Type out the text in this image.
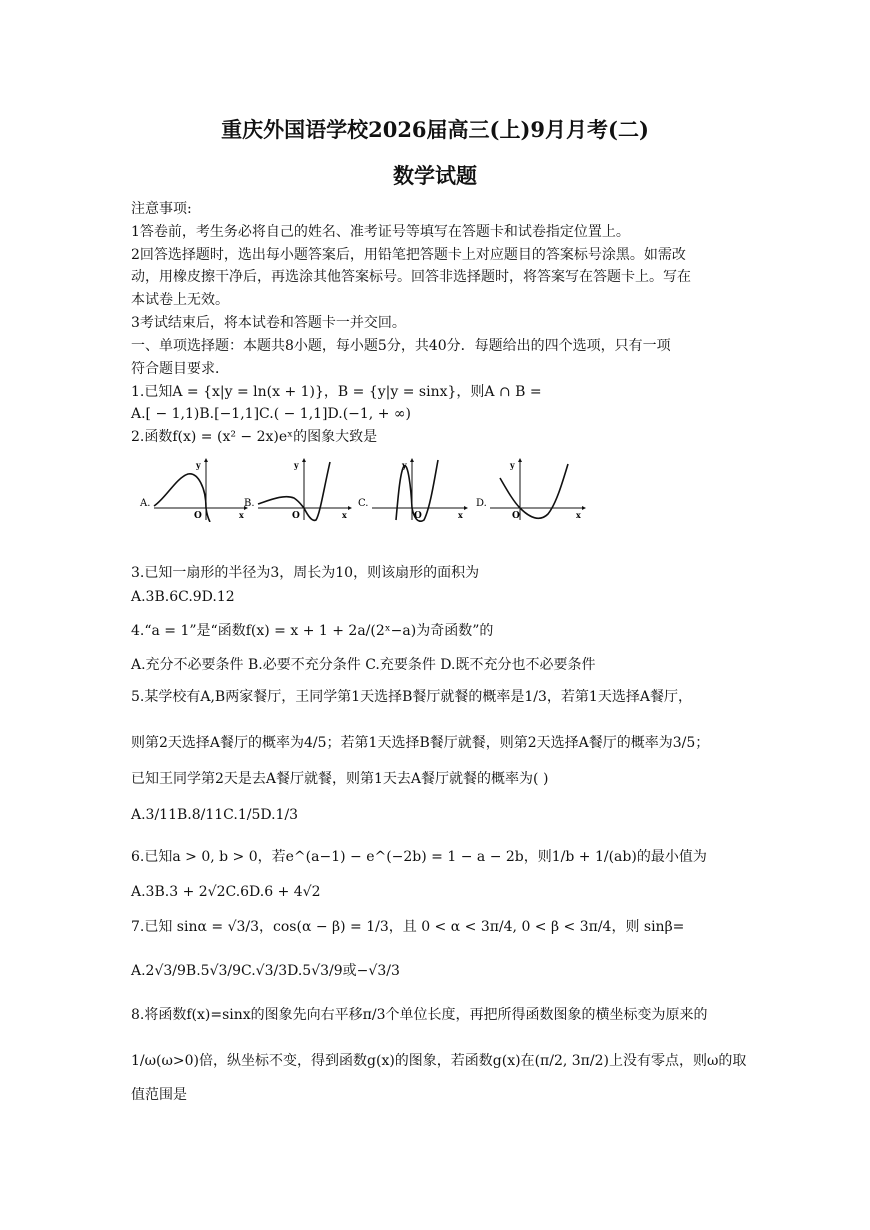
重庆外国语学校2026届高三(上)9月月考(二)
数学试题
注意事项:
1答卷前，考生务必将自己的姓名、准考证号等填写在答题卡和试卷指定位置上。
2回答选择题时，选出每小题答案后，用铅笔把答题卡上对应题目的答案标号涂黑。如需改
动，用橡皮擦干净后，再选涂其他答案标号。回答非选择题时，将答案写在答题卡上。写在
本试卷上无效。
3考试结束后，将本试卷和答题卡一并交回。
一、单项选择题：本题共8小题，每小题5分，共40分．每题给出的四个选项，只有一项
符合题目要求．
1.已知A = {x|y = ln(x + 1)}，B = {y|y = sinx}，则A ∩ B =
A.[ − 1,1)B.[−1,1]C.( − 1,1]D.(−1, + ∞)
2.函数f(x) = (x² − 2x)eˣ的图象大致是
A.
y
x
O
B.
y
x
O
C.
y
x
O
D.
y
x
O
3.已知一扇形的半径为3，周长为10，则该扇形的面积为
A.3B.6C.9D.12
4.“a = 1”是“函数f(x) = x + 1 + 2a/(2ˣ−a)为奇函数”的
A.充分不必要条件 B.必要不充分条件 C.充要条件 D.既不充分也不必要条件
5.某学校有A,B两家餐厅，王同学第1天选择B餐厅就餐的概率是1/3，若第1天选择A餐厅，
则第2天选择A餐厅的概率为4/5；若第1天选择B餐厅就餐，则第2天选择A餐厅的概率为3/5；
已知王同学第2天是去A餐厅就餐，则第1天去A餐厅就餐的概率为( )
A.3/11B.8/11C.1/5D.1/3
6.已知a > 0, b > 0，若e^(a−1) − e^(−2b) = 1 − a − 2b，则1/b + 1/(ab)的最小值为
A.3B.3 + 2√2C.6D.6 + 4√2
7.已知 sinα = √3/3，cos(α − β) = 1/3，且 0 < α < 3π/4, 0 < β < 3π/4，则 sinβ=
A.2√3/9B.5√3/9C.√3/3D.5√3/9或−√3/3
8.将函数f(x)=sinx的图象先向右平移π/3个单位长度，再把所得函数图象的横坐标变为原来的
1/ω(ω>0)倍，纵坐标不变，得到函数g(x)的图象，若函数g(x)在(π/2, 3π/2)上没有零点，则ω的取
值范围是
